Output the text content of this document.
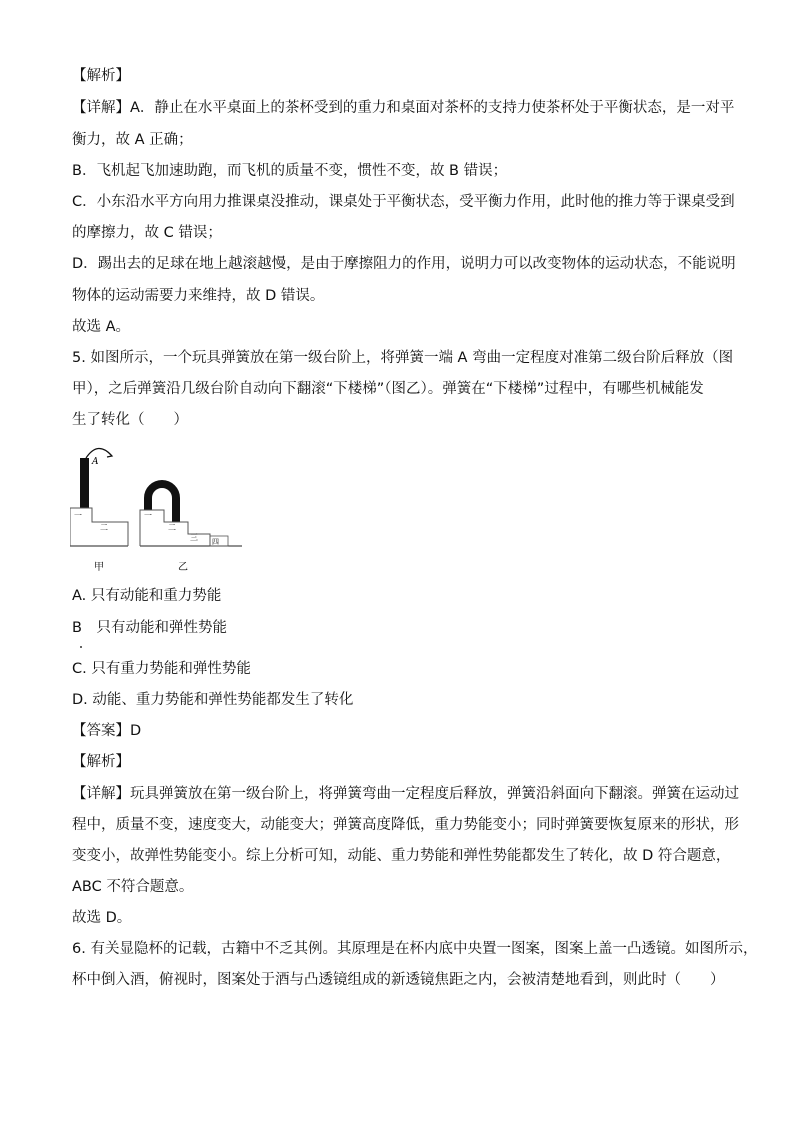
【解析】
【详解】A．静止在水平桌面上的茶杯受到的重力和桌面对茶杯的支持力使茶杯处于平衡状态，是一对平
衡力，故 A 正确；
B．飞机起飞加速助跑，而飞机的质量不变，惯性不变，故 B 错误；
C．小东沿水平方向用力推课桌没推动，课桌处于平衡状态，受平衡力作用，此时他的推力等于课桌受到
的摩擦力，故 C 错误；
D．踢出去的足球在地上越滚越慢，是由于摩擦阻力的作用，说明力可以改变物体的运动状态，不能说明
物体的运动需要力来维持，故 D 错误。
故选 A。
5. 如图所示，一个玩具弹簧放在第一级台阶上，将弹簧一端 A 弯曲一定程度对准第二级台阶后释放（图
甲），之后弹簧沿几级台阶自动向下翻滚“下楼梯”（图乙）。弹簧在“下楼梯”过程中，有哪些机械能发
生了转化（　　）
A
一
二
一
二
三 四
甲	乙
A. 只有动能和重力势能
B　只有动能和弹性势能
C. 只有重力势能和弹性势能
D. 动能、重力势能和弹性势能都发生了转化
【答案】D
【解析】
【详解】玩具弹簧放在第一级台阶上，将弹簧弯曲一定程度后释放，弹簧沿斜面向下翻滚。弹簧在运动过
程中，质量不变，速度变大，动能变大；弹簧高度降低，重力势能变小；同时弹簧要恢复原来的形状，形
变变小，故弹性势能变小。综上分析可知，动能、重力势能和弹性势能都发生了转化，故 D 符合题意，
ABC 不符合题意。
故选 D。
6. 有关显隐杯的记载，古籍中不乏其例。其原理是在杯内底中央置一图案，图案上盖一凸透镜。如图所示，
杯中倒入酒，俯视时，图案处于酒与凸透镜组成的新透镜焦距之内，会被清楚地看到，则此时（　　）
